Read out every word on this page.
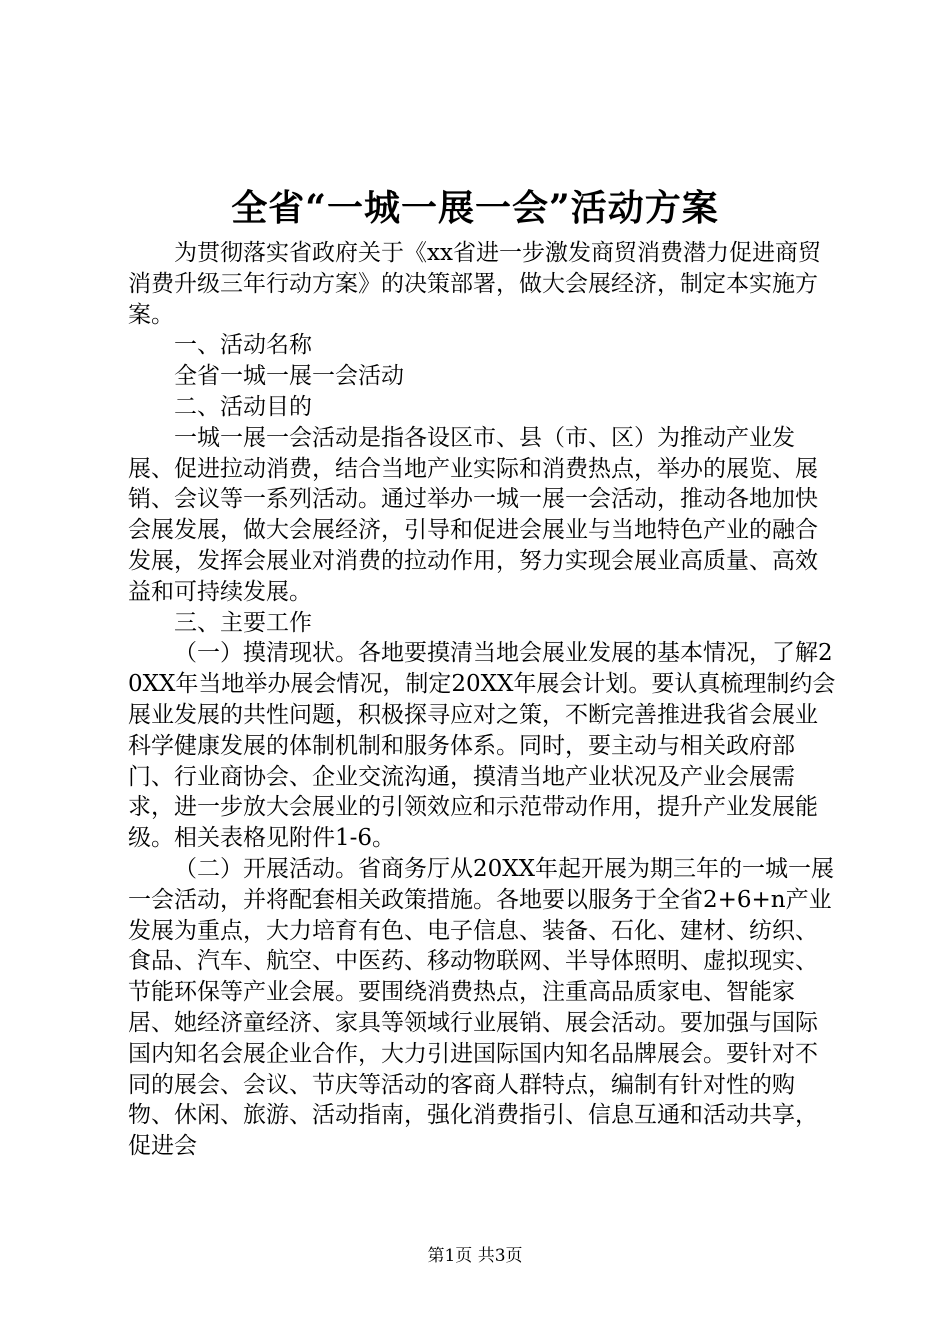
全省“一城一展一会”活动方案

为贯彻落实省政府关于《xx省进一步激发商贸消费潜力促进商贸消费升级三年行动方案》的决策部署，做大会展经济，制定本实施方案。

一、活动名称

全省一城一展一会活动

二、活动目的

一城一展一会活动是指各设区市、县（市、区）为推动产业发展、促进拉动消费，结合当地产业实际和消费热点，举办的展览、展销、会议等一系列活动。通过举办一城一展一会活动，推动各地加快会展发展，做大会展经济，引导和促进会展业与当地特色产业的融合发展，发挥会展业对消费的拉动作用，努力实现会展业高质量、高效益和可持续发展。

三、主要工作

（一）摸清现状。各地要摸清当地会展业发展的基本情况，了解20XX年当地举办展会情况，制定20XX年展会计划。要认真梳理制约会展业发展的共性问题，积极探寻应对之策，不断完善推进我省会展业科学健康发展的体制机制和服务体系。同时，要主动与相关政府部门、行业商协会、企业交流沟通，摸清当地产业状况及产业会展需求，进一步放大会展业的引领效应和示范带动作用，提升产业发展能级。相关表格见附件1-6。

（二）开展活动。省商务厅从20XX年起开展为期三年的一城一展一会活动，并将配套相关政策措施。各地要以服务于全省2+6+n产业发展为重点，大力培育有色、电子信息、装备、石化、建材、纺织、食品、汽车、航空、中医药、移动物联网、半导体照明、虚拟现实、节能环保等产业会展。要围绕消费热点，注重高品质家电、智能家居、她经济童经济、家具等领域行业展销、展会活动。要加强与国际国内知名会展企业合作，大力引进国际国内知名品牌展会。要针对不同的展会、会议、节庆等活动的客商人群特点，编制有针对性的购物、休闲、旅游、活动指南，强化消费指引、信息互通和活动共享，促进会

第1页 共3页
